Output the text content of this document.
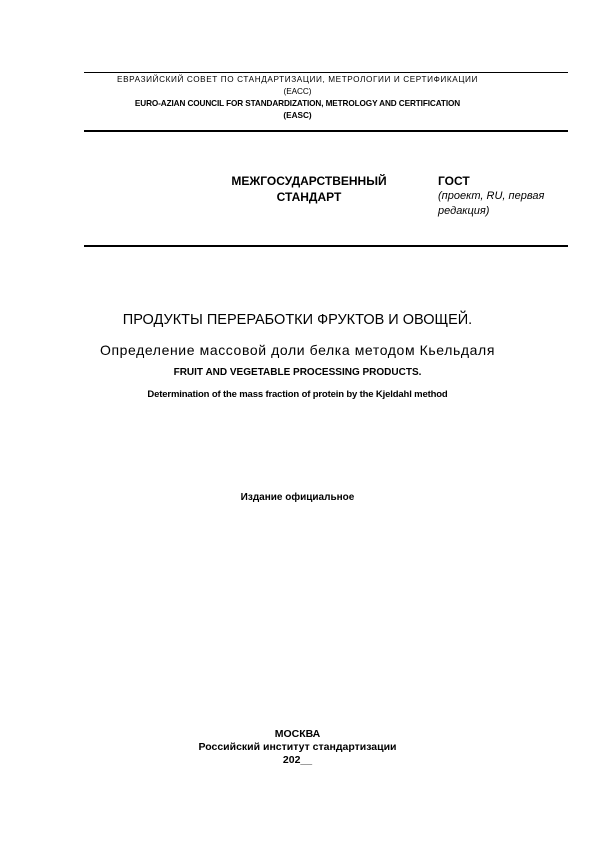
ЕВРАЗИЙСКИЙ СОВЕТ ПО СТАНДАРТИЗАЦИИ, МЕТРОЛОГИИ И СЕРТИФИКАЦИИ
(ЕАСС)
EURO-AZIAN COUNCIL FOR STANDARDIZATION, METROLOGY AND CERTIFICATION
(EASC)
МЕЖГОСУДАРСТВЕННЫЙ
СТАНДАРТ
ГОСТ
(проект, RU, первая редакция)
ПРОДУКТЫ ПЕРЕРАБОТКИ ФРУКТОВ И ОВОЩЕЙ.
Определение массовой доли белка методом Кьельдаля
FRUIT AND VEGETABLE PROCESSING PRODUCTS.
Determination of the mass fraction of protein by the Kjeldahl method
Издание официальное
МОСКВА
Российский институт стандартизации
202__
